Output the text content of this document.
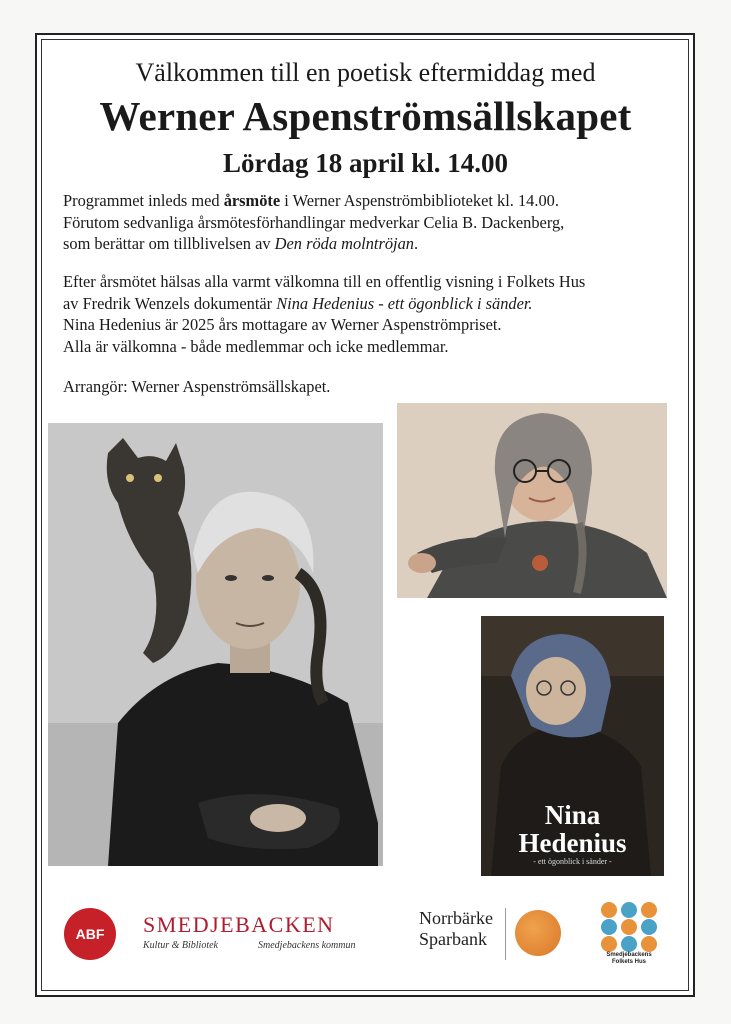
Välkommen till en poetisk eftermiddag med
Werner Aspenströmsällskapet
Lördag 18 april kl. 14.00

Programmet inleds med årsmöte i Werner Aspenströmbiblioteket kl. 14.00.

Förutom sedvanliga årsmötesförhandlingar medverkar Celia B. Dackenberg,

som berättar om tillblivelsen av Den röda molntröjan.

Efter årsmötet hälsas alla varmt välkomna till en offentlig visning i Folkets Hus

av Fredrik Wenzels dokumentär Nina Hedenius - ett ögonblick i sänder.

Nina Hedenius är 2025 års mottagare av Werner Aspenströmpriset.

Alla är välkomna - både medlemmar och icke medlemmar.

Arrangör: Werner Aspenströmsällskapet.
Nina
Hedenius
- ett ögonblick i sänder -
ABF	SMEDJEBACKEN
Kultur & Bibliotek	Smedjebackens kommun
Norrbärke
Sparbank
Smedjebackens
Folkets Hus
